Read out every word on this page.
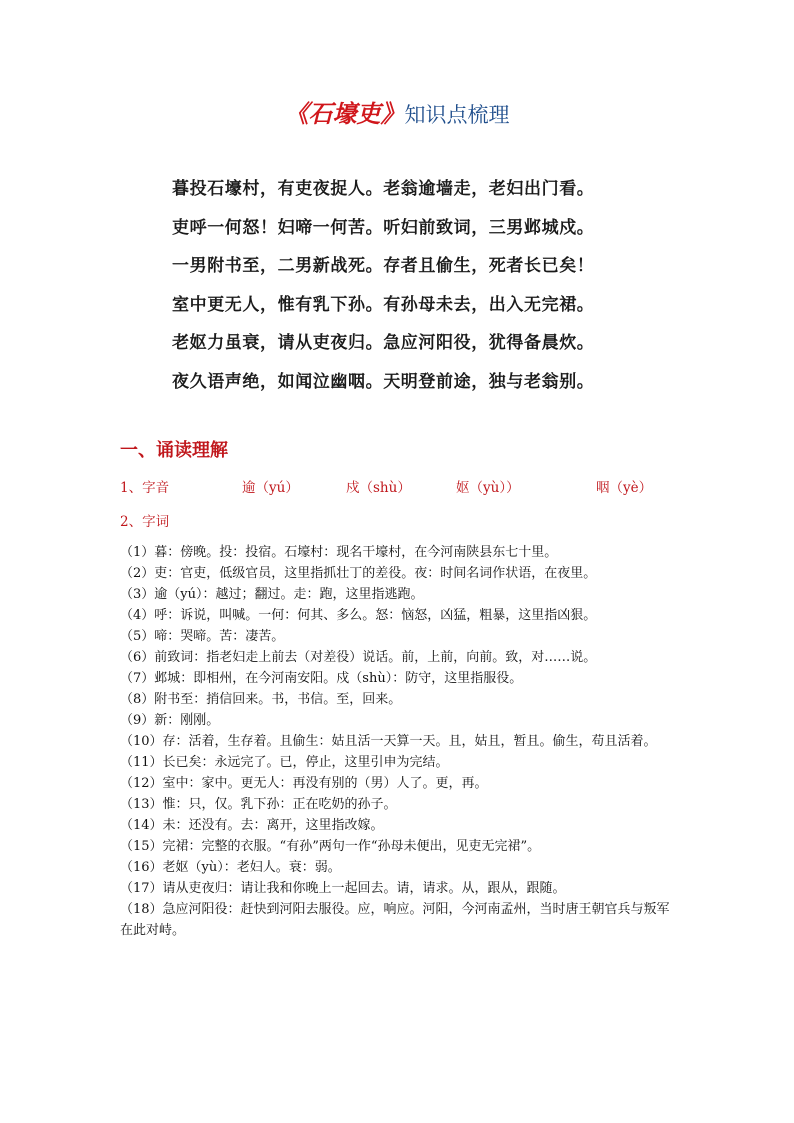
《石壕吏》知识点梳理
暮投石壕村，有吏夜捉人。老翁逾墙走，老妇出门看。
吏呼一何怒！妇啼一何苦。听妇前致词，三男邺城戍。
一男附书至，二男新战死。存者且偷生，死者长已矣！
室中更无人，惟有乳下孙。有孙母未去，出入无完裙。
老妪力虽衰，请从吏夜归。急应河阳役，犹得备晨炊。
夜久语声绝，如闻泣幽咽。天明登前途，独与老翁别。
一、诵读理解
1、字音	逾（yú）	戍（shù）	妪（yù））	咽（yè）
2、字词
（1）暮：傍晚。投：投宿。石壕村：现名干壕村，在今河南陕县东七十里。
（2）吏：官吏，低级官员，这里指抓壮丁的差役。夜：时间名词作状语，在夜里。
（3）逾（yú）：越过；翻过。走：跑，这里指逃跑。
（4）呼：诉说，叫喊。一何：何其、多么。怒：恼怒，凶猛，粗暴，这里指凶狠。
（5）啼：哭啼。苦：凄苦。
（6）前致词：指老妇走上前去（对差役）说话。前，上前，向前。致，对……说。
（7）邺城：即相州，在今河南安阳。戍（shù）：防守，这里指服役。
（8）附书至：捎信回来。书，书信。至，回来。
（9）新：刚刚。
（10）存：活着，生存着。且偷生：姑且活一天算一天。且，姑且，暂且。偷生，苟且活着。
（11）长已矣：永远完了。已，停止，这里引申为完结。
（12）室中：家中。更无人：再没有别的（男）人了。更，再。
（13）惟：只，仅。乳下孙：正在吃奶的孙子。
（14）未：还没有。去：离开，这里指改嫁。
（15）完裙：完整的衣服。“有孙”两句一作“孙母未便出，见吏无完裙”。
（16）老妪（yù）：老妇人。衰：弱。
（17）请从吏夜归：请让我和你晚上一起回去。请，请求。从，跟从，跟随。
（18）急应河阳役：赶快到河阳去服役。应，响应。河阳，今河南孟州，当时唐王朝官兵与叛军在此对峙。
